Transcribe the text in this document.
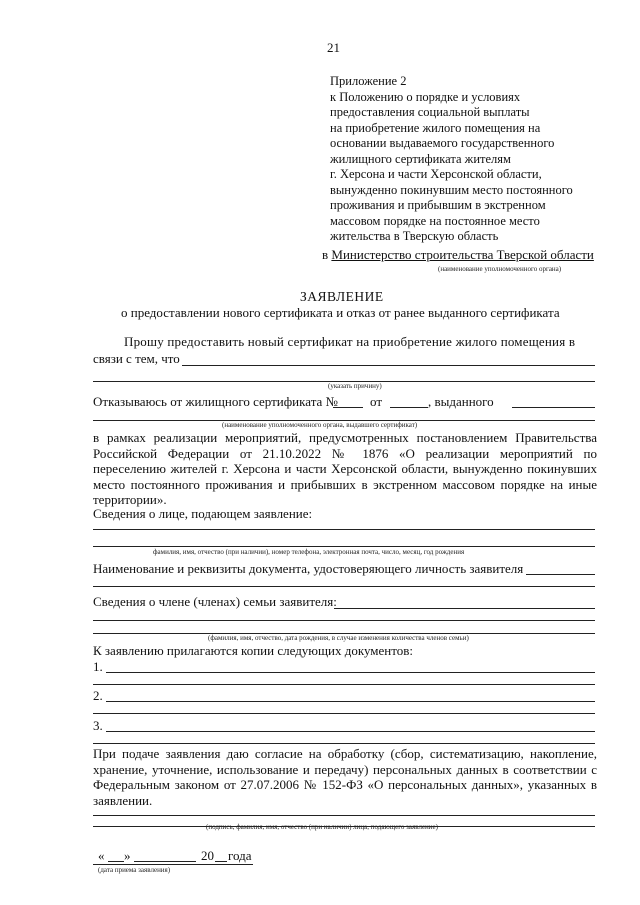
21
Приложение 2
к Положению о порядке и условиях
предоставления социальной выплаты
на приобретение жилого помещения на
основании выдаваемого государственного
жилищного сертификата жителям
г. Херсона и части Херсонской области,
вынужденно покинувшим место постоянного
проживания и прибывшим в экстренном
массовом порядке на постоянное место
жительства в Тверскую область
в Министерство строительства Тверской области
(наименование уполномоченного органа)
ЗАЯВЛЕНИЕ
о предоставлении нового сертификата и отказ от ранее выданного сертификата
Прошу предоставить новый сертификат на приобретение жилого помещения в
связи с тем, что
(указать причину)
Отказываюсь от жилищного сертификата № от	, выданного
(наименование уполномоченного органа, выдавшего сертификат)
в рамках реализации мероприятий, предусмотренных постановлением Правительства Российской Федерации от 21.10.2022 № 1876 «О реализации мероприятий по переселению жителей г. Херсона и части Херсонской области, вынужденно покинувших место постоянного проживания и прибывших в экстренном массовом порядке на иные территории».
Сведения о лице, подающем заявление:
фамилия, имя, отчество (при наличии), номер телефона, электронная почта, число, месяц, год рождения
Наименование и реквизиты документа, удостоверяющего личность заявителя
Сведения о члене (членах) семьи заявителя:
(фамилия, имя, отчество, дата рождения, в случае изменения количества членов семьи)
К заявлению прилагаются копии следующих документов:
1.
2.
3.
При подаче заявления даю согласие на обработку (сбор, систематизацию, накопление, хранение, уточнение, использование и передачу) персональных данных в соответствии с Федеральным законом от 27.07.2006 № 152-ФЗ «О персональных данных», указанных в заявлении.
(подпись, фамилия, имя, отчество (при наличии) лица, подающего заявление)
« »	20 года
(дата приема заявления)
